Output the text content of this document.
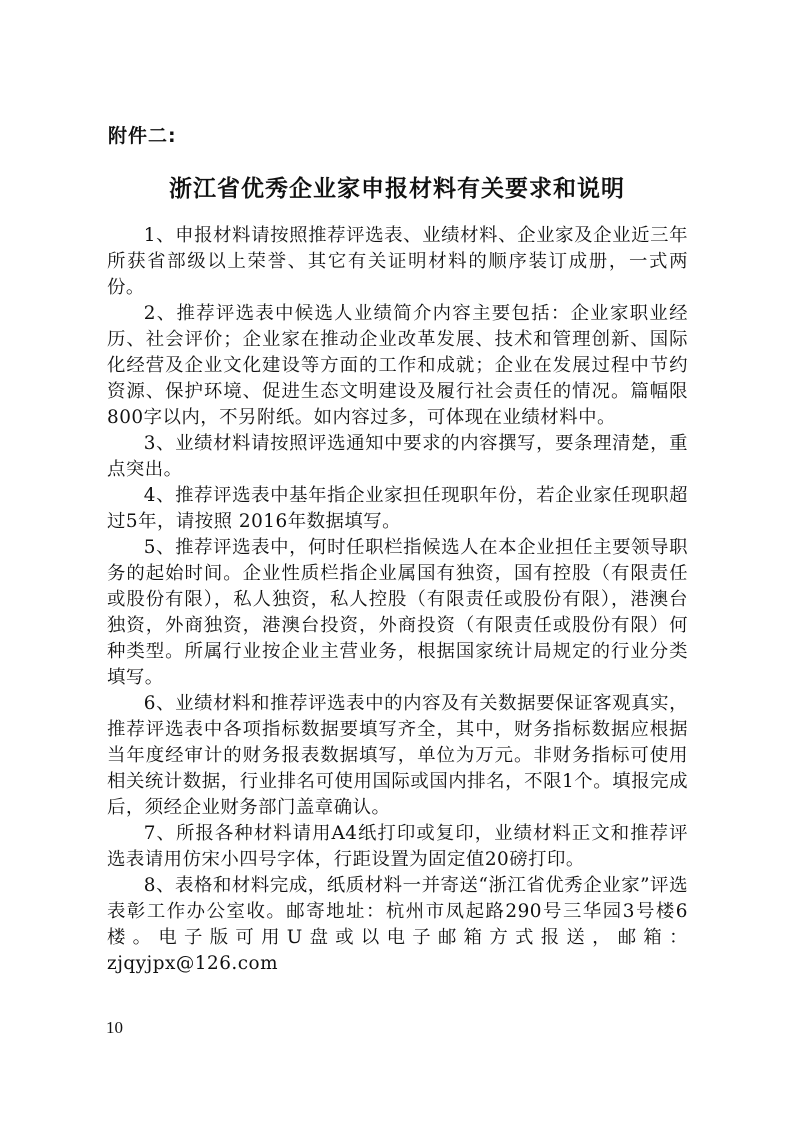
附件二:
浙江省优秀企业家申报材料有关要求和说明

1、申报材料请按照推荐评选表、业绩材料、企业家及企业近三年所获省部级以上荣誉、其它有关证明材料的顺序装订成册，一式两份。

2、推荐评选表中候选人业绩简介内容主要包括：企业家职业经历、社会评价；企业家在推动企业改革发展、技术和管理创新、国际化经营及企业文化建设等方面的工作和成就；企业在发展过程中节约资源、保护环境、促进生态文明建设及履行社会责任的情况。篇幅限800字以内，不另附纸。如内容过多，可体现在业绩材料中。

3、业绩材料请按照评选通知中要求的内容撰写，要条理清楚，重点突出。

4、推荐评选表中基年指企业家担任现职年份，若企业家任现职超过5年，请按照 2016年数据填写。

5、推荐评选表中，何时任职栏指候选人在本企业担任主要领导职务的起始时间。企业性质栏指企业属国有独资，国有控股（有限责任或股份有限），私人独资，私人控股（有限责任或股份有限），港澳台独资，外商独资，港澳台投资，外商投资（有限责任或股份有限）何种类型。所属行业按企业主营业务，根据国家统计局规定的行业分类填写。

6、业绩材料和推荐评选表中的内容及有关数据要保证客观真实，推荐评选表中各项指标数据要填写齐全，其中，财务指标数据应根据当年度经审计的财务报表数据填写，单位为万元。非财务指标可使用相关统计数据，行业排名可使用国际或国内排名，不限1个。填报完成后，须经企业财务部门盖章确认。

7、所报各种材料请用A4纸打印或复印，业绩材料正文和推荐评选表请用仿宋小四号字体，行距设置为固定值20磅打印。

8、表格和材料完成，纸质材料一并寄送“浙江省优秀企业家”评选表彰工作办公室收。邮寄地址：杭州市凤起路290号三华园3号楼6楼。电子版可用U盘或以电子邮箱方式报送，邮箱：zjqyjpx@126.com

10
